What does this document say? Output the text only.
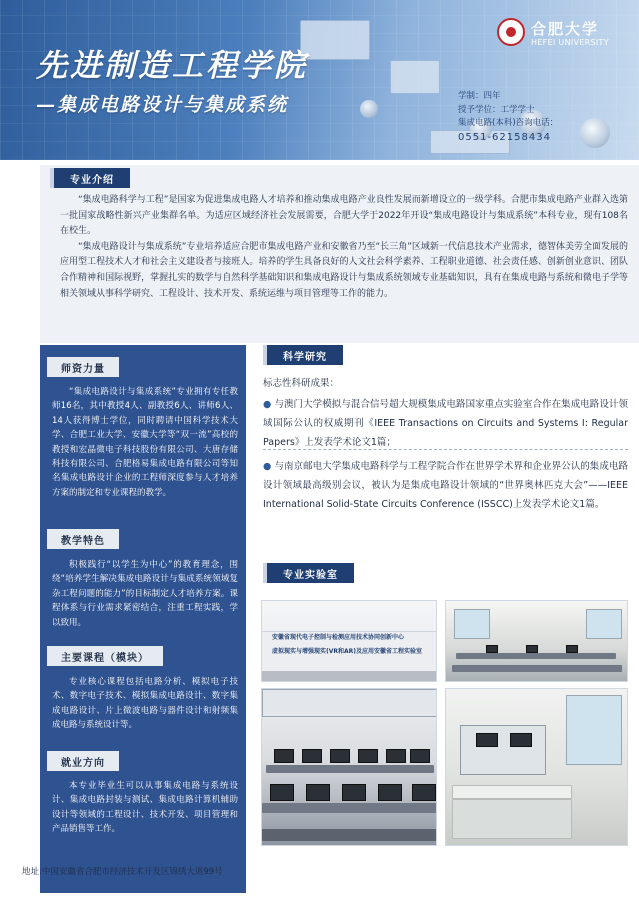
先进制造工程学院
—集成电路设计与集成系统
合肥大学
HEFEI UNIVERSITY
学制：四年
授予学位：工学学士
集成电路(本科)咨询电话：
0551-62158434
专业介绍

“集成电路科学与工程”是国家为促进集成电路人才培养和推动集成电路产业良性发展而新增设立的一级学科。合肥市集成电路产业群入选第一批国家战略性新兴产业集群名单。为适应区域经济社会发展需要，合肥大学于2022年开设“集成电路设计与集成系统”本科专业，现有108名在校生。

“集成电路设计与集成系统”专业培养适应合肥市集成电路产业和安徽省乃至“长三角”区域新一代信息技术产业需求，德智体美劳全面发展的应用型工程技术人才和社会主义建设者与接班人。培养的学生具备良好的人文社会科学素养、工程职业道德、社会责任感、创新创业意识、团队合作精神和国际视野，掌握扎实的数学与自然科学基础知识和集成电路设计与集成系统领域专业基础知识，具有在集成电路与系统和微电子学等相关领域从事科学研究、工程设计、技术开发、系统运维与项目管理等工作的能力。

师资力量

“集成电路设计与集成系统”专业拥有专任教师16名，其中教授4人、副教授6人、讲师6人、14人获得博士学位，同时聘请中国科学技术大学、合肥工业大学、安徽大学等“双一流”高校的教授和宏晶微电子科技股份有限公司、大唐存储科技有限公司、合肥格易集成电路有限公司等知名集成电路设计企业的工程师深度参与人才培养方案的制定和专业课程的教学。

教学特色

积极践行“以学生为中心”的教育理念，围绕“培养学生解决集成电路设计与集成系统领域复杂工程问题的能力”的目标制定人才培养方案。课程体系与行业需求紧密结合，注重工程实践，学以致用。

主要课程（模块）

专业核心课程包括电路分析、模拟电子技术、数字电子技术、模拟集成电路设计、数字集成电路设计、片上微波电路与器件设计和射频集成电路与系统设计等。

就业方向

本专业毕业生可以从事集成电路与系统设计、集成电路封装与测试、集成电路计算机辅助设计等领域的工程设计、技术开发、项目管理和产品销售等工作。

地址:中国安徽省合肥市经济技术开发区锦绣大道99号
科学研究
标志性科研成果：

● 与澳门大学模拟与混合信号超大规模集成电路国家重点实验室合作在集成电路设计领域国际公认的权威期刊《IEEE Transactions on Circuits and Systems I: Regular Papers》上发表学术论文1篇；

● 与南京邮电大学集成电路科学与工程学院合作在世界学术界和企业界公认的集成电路设计领域最高级别会议，被认为是集成电路设计领域的“世界奥林匹克大会”——IEEE International Solid-State Circuits Conference (ISSCC)上发表学术论文1篇。

专业实验室
安徽省现代电子控制与检测应用技术协同创新中心
虚拟现实与增强现实(VR和AR)及应用安徽省工程实验室
